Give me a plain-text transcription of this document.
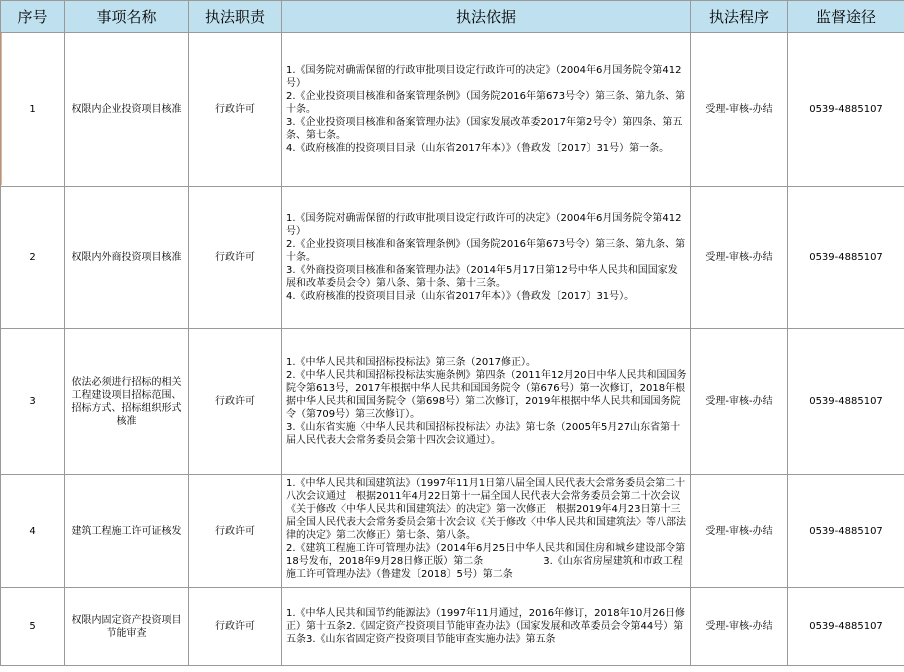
序号	事项名称	执法职责	执法依据	执法程序	监督途径
1	权限内企业投资项目核准	行政许可	1.《国务院对确需保留的行政审批项目设定行政许可的决定》（2004年6月国务院令第412号）

2.《企业投资项目核准和备案管理条例》（国务院2016年第673号令）第三条、第九条、第十条。

3.《企业投资项目核准和备案管理办法》（国家发展改革委2017年第2号令）第四条、第五条、第七条。

4.《政府核准的投资项目目录（山东省2017年本）》（鲁政发〔2017〕31号）第一条。	受理-审核-办结	0539-4885107
2	权限内外商投资项目核准	行政许可	1.《国务院对确需保留的行政审批项目设定行政许可的决定》（2004年6月国务院令第412号）

2.《企业投资项目核准和备案管理条例》（国务院2016年第673号令）第三条、第九条、第十条。

3.《外商投资项目核准和备案管理办法》（2014年5月17日第12号中华人民共和国国家发展和改革委员会令）第八条、第十条、第十三条。

4.《政府核准的投资项目目录（山东省2017年本）》（鲁政发〔2017〕31号）。	受理-审核-办结	0539-4885107
3	依法必须进行招标的相关工程建设项目招标范围、招标方式、招标组织形式核准	行政许可	1.《中华人民共和国招标投标法》第三条（2017修正）。

2.《中华人民共和国招标投标法实施条例》第四条（2011年12月20日中华人民共和国国务院令第613号，2017年根据中华人民共和国国务院令（第676号）第一次修订，2018年根据中华人民共和国国务院令（第698号）第二次修订，2019年根据中华人民共和国国务院令（第709号）第三次修订）。

3.《山东省实施〈中华人民共和国招标投标法〉办法》第七条（2005年5月27山东省第十届人民代表大会常务委员会第十四次会议通过）。	受理-审核-办结	0539-4885107
4	建筑工程施工许可证核发	行政许可	1.《中华人民共和国建筑法》（1997年11月1日第八届全国人民代表大会常务委员会第二十八次会议通过　根据2011年4月22日第十一届全国人民代表大会常务委员会第二十次会议《关于修改〈中华人民共和国建筑法〉的决定》第一次修正　根据2019年4月23日第十三届全国人民代表大会常务委员会第十次会议《关于修改〈中华人民共和国建筑法〉等八部法律的决定》第二次修正）第七条、第八条。

2.《建筑工程施工许可管理办法》（2014年6月25日中华人民共和国住房和城乡建设部令第18号发布，2018年9月28日修正版）第二条　　　　　　3.《山东省房屋建筑和市政工程施工许可管理办法》（鲁建发〔2018〕5号）第二条	受理-审核-办结	0539-4885107
5	权限内固定资产投资项目节能审查	行政许可	1.《中华人民共和国节约能源法》（1997年11月通过，2016年修订，2018年10月26日修正）第十五条2.《固定资产投资项目节能审查办法》（国家发展和改革委员会令第44号）第五条3.《山东省固定资产投资项目节能审查实施办法》第五条	受理-审核-办结	0539-4885107
